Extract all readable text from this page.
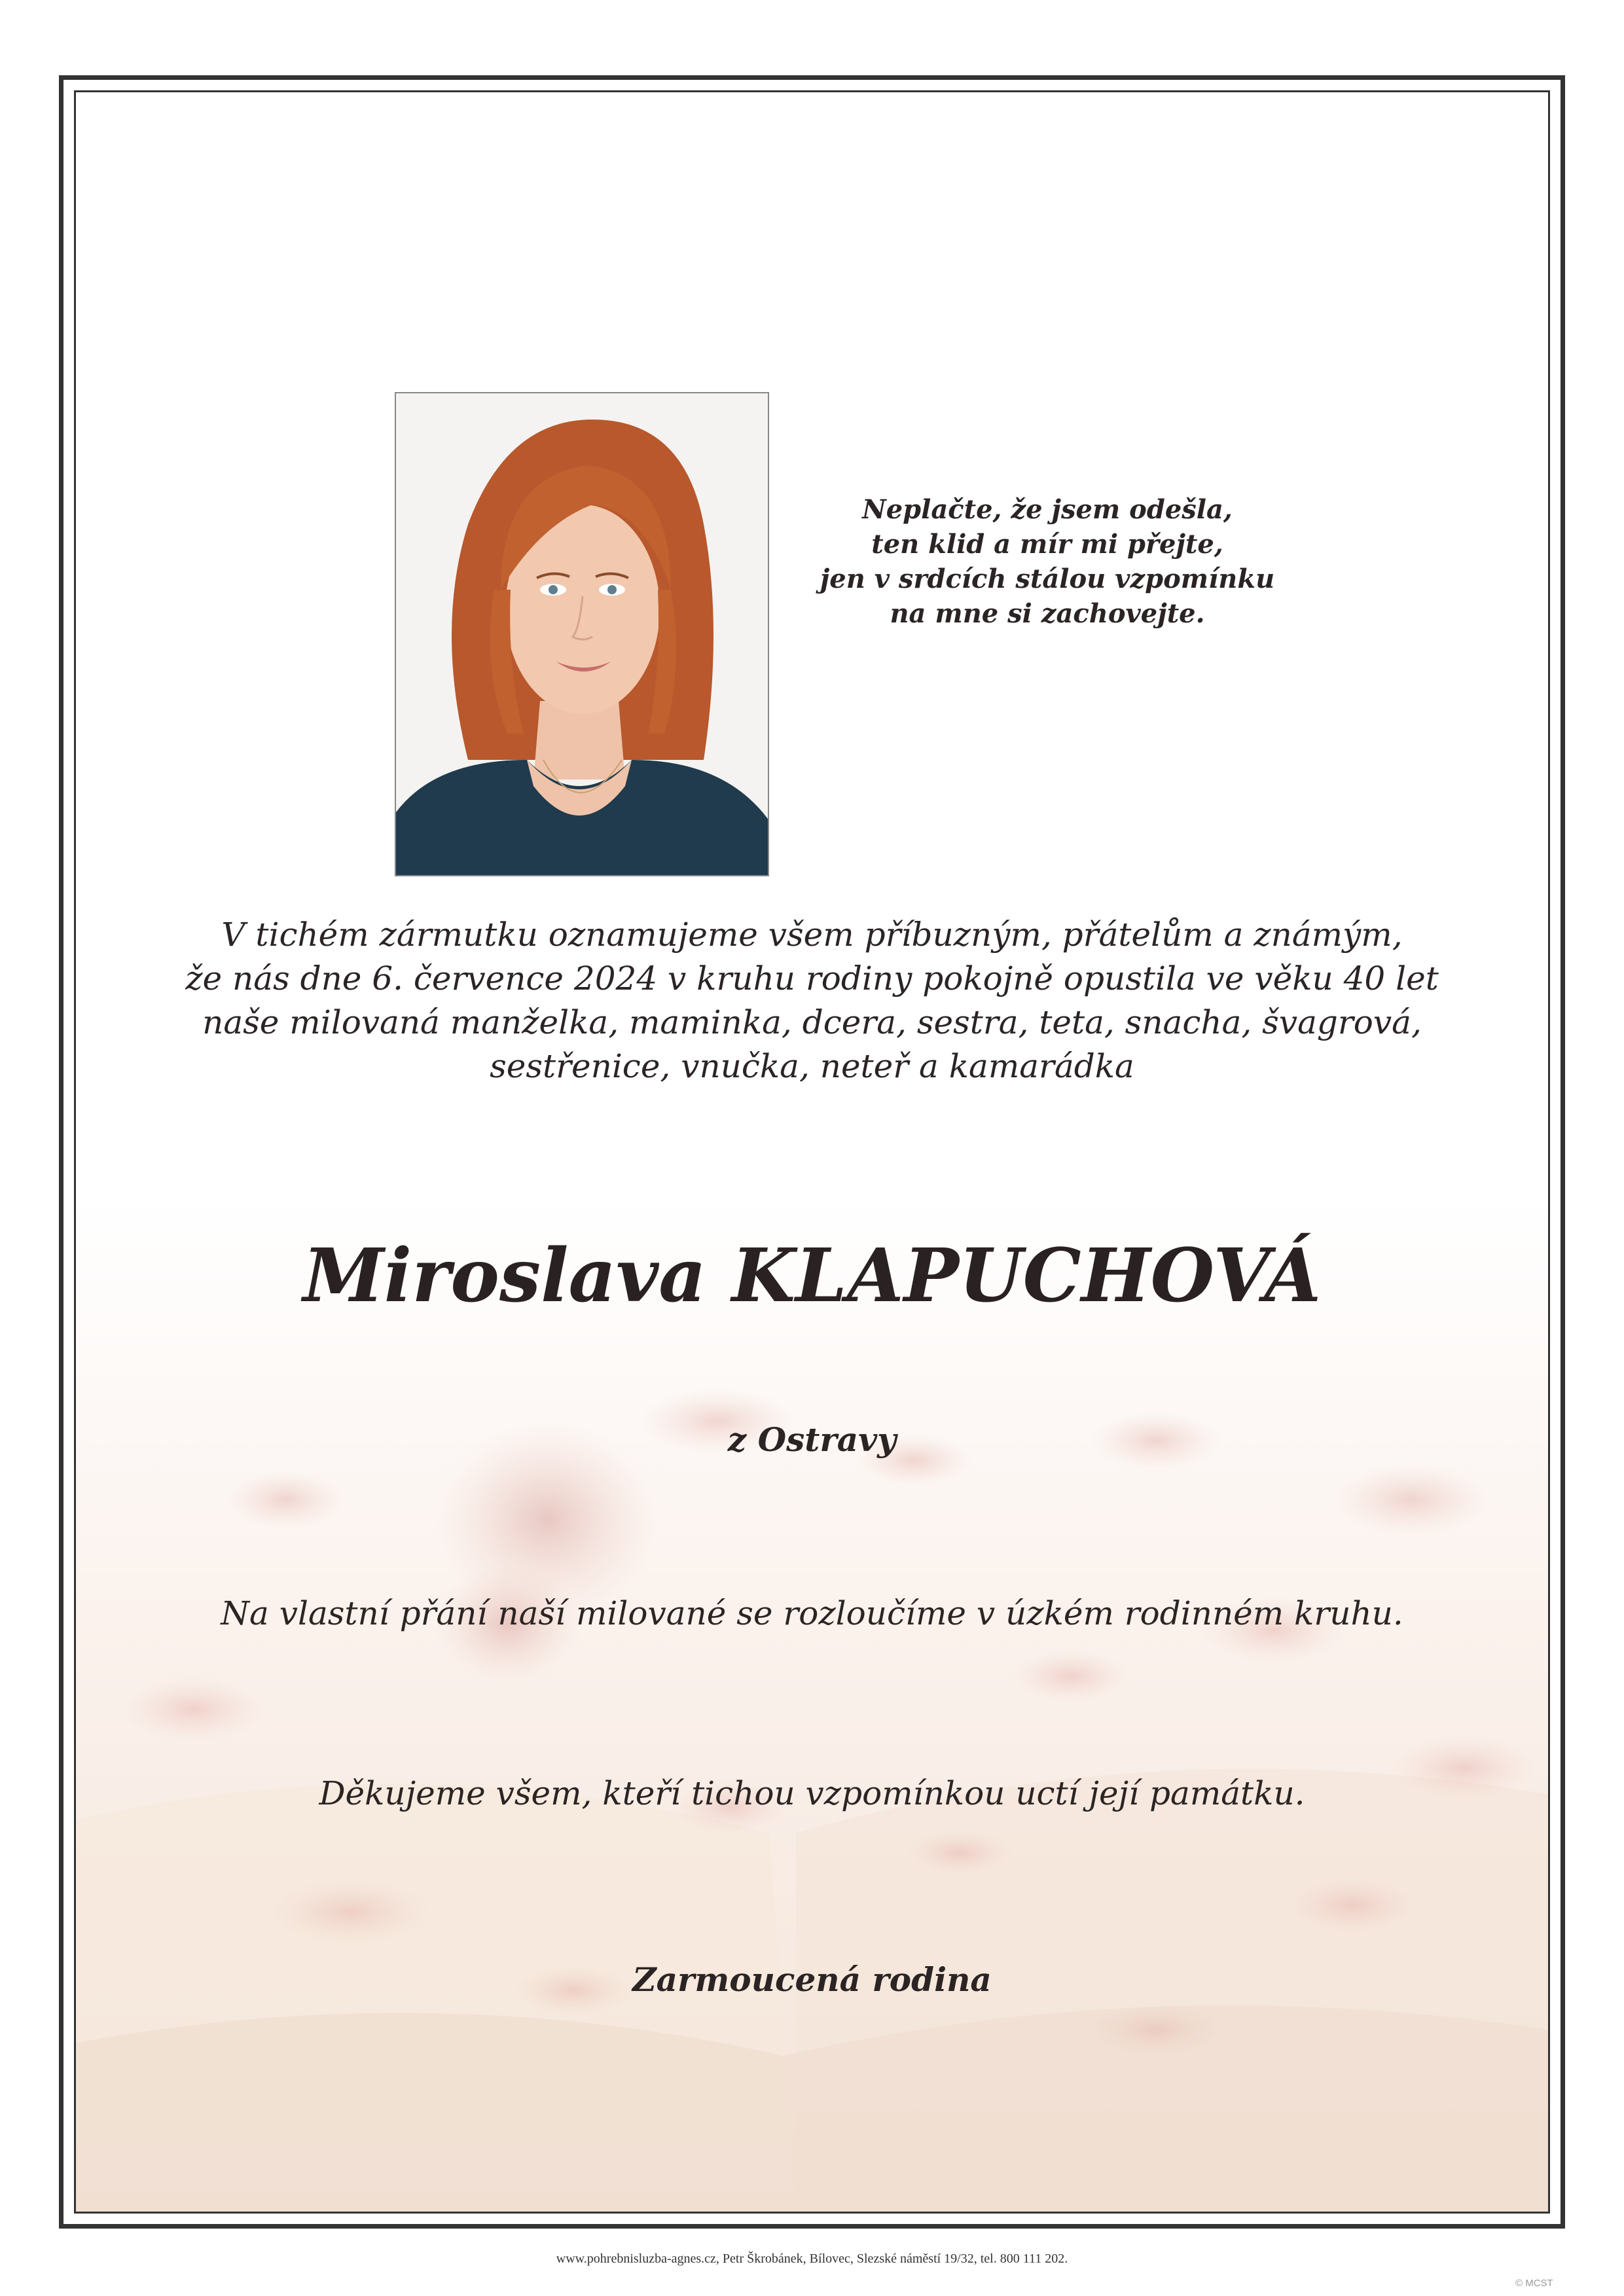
Neplačte, že jsem odešla,
ten klid a mír mi přejte,
jen v srdcích stálou vzpomínku
na mne si zachovejte.
V tichém zármutku oznamujeme všem příbuzným, přátelům a známým,
že nás dne 6. července 2024 v kruhu rodiny pokojně opustila ve věku 40 let
naše milovaná manželka, maminka, dcera, sestra, teta, snacha, švagrová,
sestřenice, vnučka, neteř a kamarádka
Miroslava KLAPUCHOVÁ
z Ostravy
Na vlastní přání naší milované se rozloučíme v úzkém rodinném kruhu.
Děkujeme všem, kteří tichou vzpomínkou uctí její památku.
Zarmoucená rodina
www.pohrebnisluzba-agnes.cz, Petr Škrobánek, Bílovec, Slezské náměstí 19/32, tel. 800 111 202.
© MCST
